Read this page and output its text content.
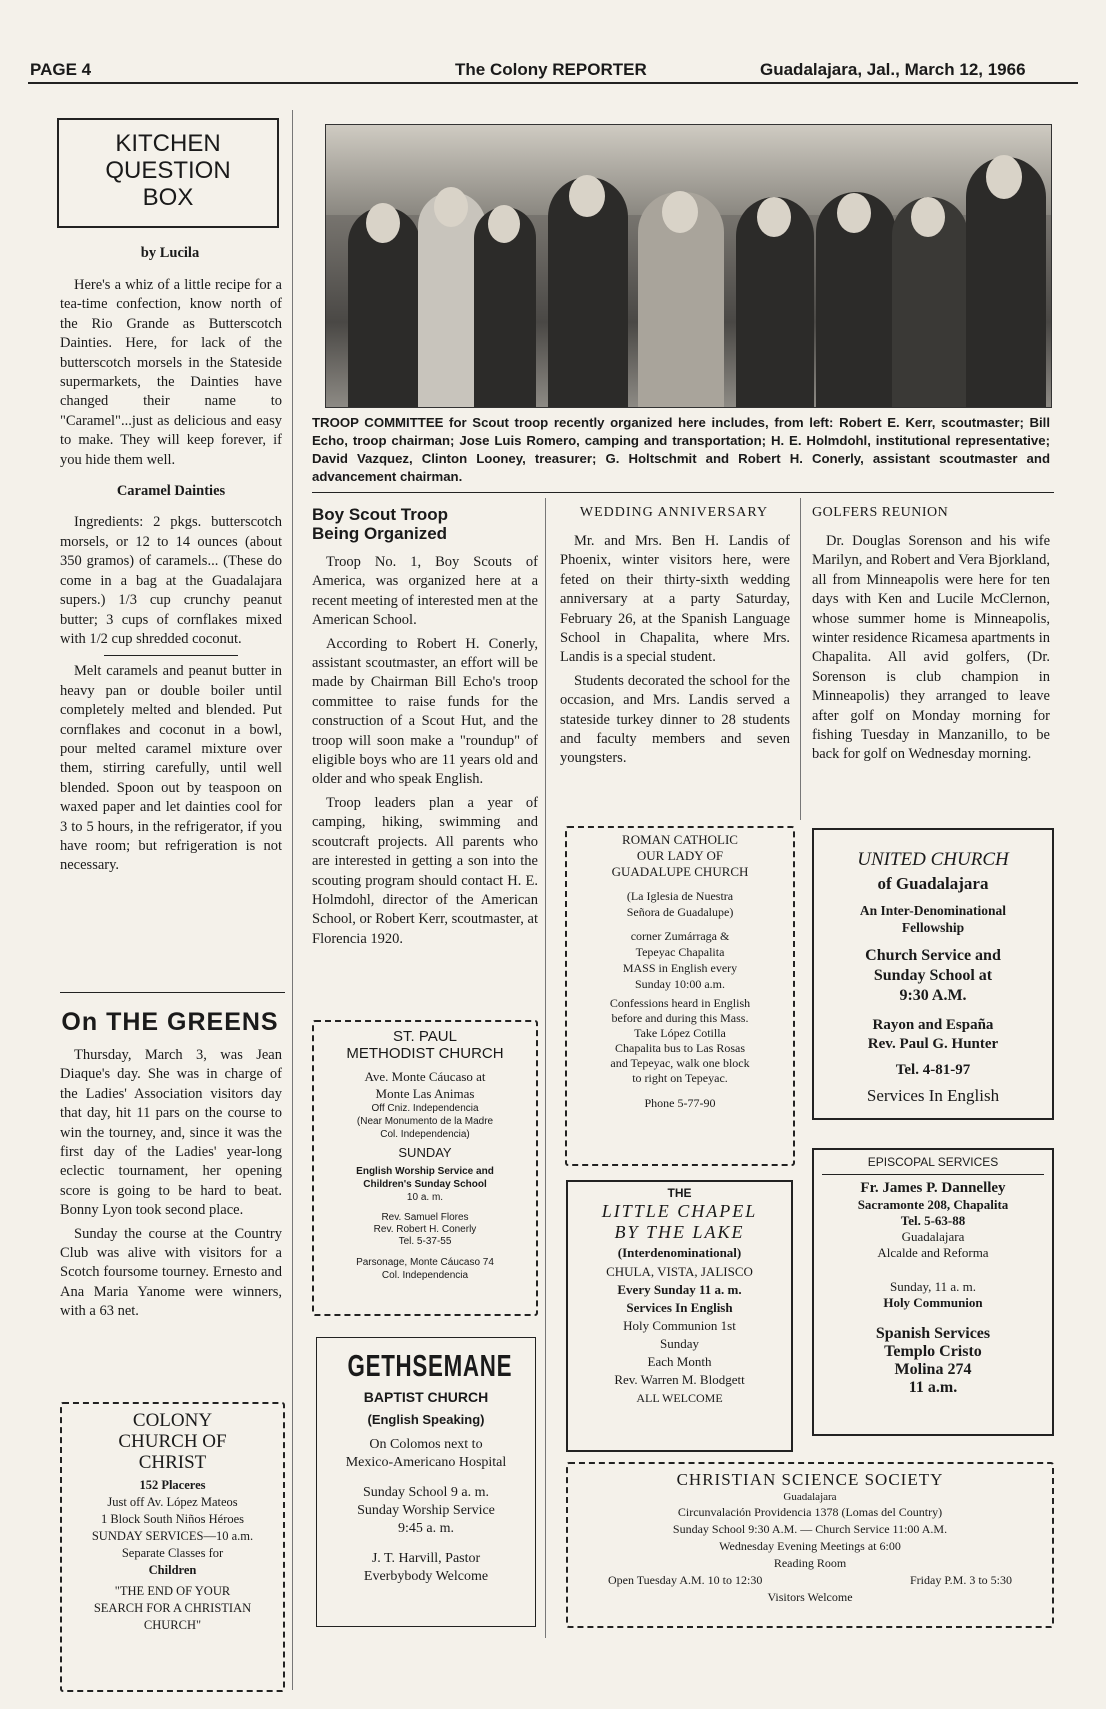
PAGE 4	The Colony REPORTER	Guadalajara, Jal., March 12, 1966
KITCHEN
QUESTION
BOX
by Lucila

Here's a whiz of a little recipe for a tea-time confection, know north of the Rio Grande as Butterscotch Dainties. Here, for lack of the butterscotch morsels in the Stateside supermarkets, the Dainties have changed their name to "Caramel"...just as delicious and easy to make. They will keep forever, if you hide them well.

Caramel Dainties

Ingredients: 2 pkgs. butterscotch morsels, or 12 to 14 ounces (about 350 gramos) of caramels... (These do come in a bag at the Guadalajara supers.) 1/3 cup crunchy peanut butter; 3 cups of cornflakes mixed with 1/2 cup shredded coconut.

Melt caramels and peanut butter in heavy pan or double boiler until completely melted and blended. Put cornflakes and coconut in a bowl, pour melted caramel mixture over them, stirring carefully, until well blended. Spoon out by teaspoon on waxed paper and let dainties cool for 3 to 5 hours, in the refrigerator, if you have room; but refrigeration is not necessary.

On THE GREENS

Thursday, March 3, was Jean Diaque's day. She was in charge of the Ladies' Association visitors day that day, hit 11 pars on the course to win the tourney, and, since it was the first day of the Ladies' year-long eclectic tournament, her opening score is going to be hard to beat. Bonny Lyon took second place.

Sunday the course at the Country Club was alive with visitors for a Scotch foursome tourney. Ernesto and Ana Maria Yanome were winners, with a 63 net.

COLONY
CHURCH OF
CHRIST
152 Placeres
Just off Av. López Mateos
1 Block South Niños Héroes
SUNDAY SERVICES—10 a.m.
Separate Classes for
Children
"THE END OF YOUR
SEARCH FOR A CHRISTIAN
CHURCH"
TROOP COMMITTEE for Scout troop recently organized here includes, from left: Robert E. Kerr, scoutmaster; Bill Echo, troop chairman; Jose Luis Romero, camping and transportation; H. E. Holmdohl, institutional representative; David Vazquez, Clinton Looney, treasurer; G. Holtschmit and Robert H. Conerly, assistant scoutmaster and advancement chairman.
Boy Scout Troop
Being Organized

Troop No. 1, Boy Scouts of America, was organized here at a recent meeting of interested men at the American School.

According to Robert H. Conerly, assistant scoutmaster, an effort will be made by Chairman Bill Echo's troop committee to raise funds for the construction of a Scout Hut, and the troop will soon make a "roundup" of eligible boys who are 11 years old and older and who speak English.

Troop leaders plan a year of camping, hiking, swimming and scoutcraft projects. All parents who are interested in getting a son into the scouting program should contact H. E. Holmdohl, director of the American School, or Robert Kerr, scoutmaster, at Florencia 1920.

WEDDING ANNIVERSARY

Mr. and Mrs. Ben H. Landis of Phoenix, winter visitors here, were feted on their thirty-sixth wedding anniversary at a party Saturday, February 26, at the Spanish Language School in Chapalita, where Mrs. Landis is a special student.

Students decorated the school for the occasion, and Mrs. Landis served a stateside turkey dinner to 28 students and faculty members and seven youngsters.

GOLFERS REUNION

Dr. Douglas Sorenson and his wife Marilyn, and Robert and Vera Bjorkland, all from Minneapolis were here for ten days with Ken and Lucile McClernon, whose summer home is Minneapolis, winter residence Ricamesa apartments in Chapalita. All avid golfers, (Dr. Sorenson is club champion in Minneapolis) they arranged to leave after golf on Monday morning for fishing Tuesday in Manzanillo, to be back for golf on Wednesday morning.

ST. PAUL
METHODIST CHURCH
Ave. Monte Cáucaso at
Monte Las Animas
Off Cniz. Independencia
(Near Monumento de la Madre
Col. Independencia)
SUNDAY
English Worship Service and
Children's Sunday School
10 a. m.
Rev. Samuel Flores
Rev. Robert H. Conerly
Tel. 5-37-55
Parsonage, Monte Cáucaso 74
Col. Independencia
GETHSEMANE
BAPTIST CHURCH
(English Speaking)
On Colomos next to
Mexico-Americano Hospital
Sunday School 9 a. m.
Sunday Worship Service
9:45 a. m.
J. T. Harvill, Pastor
Everbybody Welcome
ROMAN CATHOLIC
OUR LADY OF
GUADALUPE CHURCH
(La Iglesia de Nuestra
Señora de Guadalupe)
corner Zumárraga &
Tepeyac Chapalita
MASS in English every
Sunday 10:00 a.m.
Confessions heard in English
before and during this Mass.
Take López Cotilla
Chapalita bus to Las Rosas
and Tepeyac, walk one block
to right on Tepeyac.
Phone 5-77-90
UNITED CHURCH
of Guadalajara
An Inter-Denominational
Fellowship
Church Service and
Sunday School at
9:30 A.M.
Rayon and España
Rev. Paul G. Hunter
Tel. 4-81-97
Services In English
THE
LITTLE CHAPEL
BY THE LAKE
(Interdenominational)
CHULA, VISTA, JALISCO
Every Sunday 11 a. m.
Services In English
Holy Communion 1st
Sunday
Each Month
Rev. Warren M. Blodgett
ALL WELCOME
EPISCOPAL SERVICES
Fr. James P. Dannelley
Sacramonte 208, Chapalita
Tel. 5-63-88
Guadalajara
Alcalde and Reforma
Sunday, 11 a. m.
Holy Communion
Spanish Services
Templo Cristo
Molina 274
11 a.m.
CHRISTIAN SCIENCE SOCIETY
Guadalajara
Circunvalación Providencia 1378 (Lomas del Country)
Sunday School 9:30 A.M. — Church Service 11:00 A.M.
Wednesday Evening Meetings at 6:00
Reading Room
Open Tuesday A.M. 10 to 12:30	Friday P.M. 3 to 5:30
Visitors Welcome
